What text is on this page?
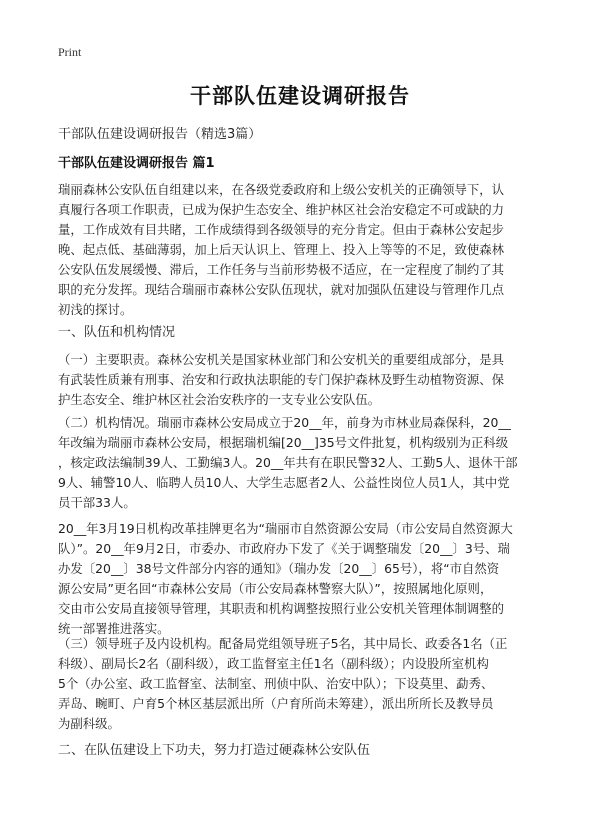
Print
干部队伍建设调研报告
干部队伍建设调研报告（精选3篇）
干部队伍建设调研报告 篇1

瑞丽森林公安队伍自组建以来，在各级党委政府和上级公安机关的正确领导下，认
真履行各项工作职责，已成为保护生态安全、维护林区社会治安稳定不可或缺的力
量，工作成效有目共睹，工作成绩得到各级领导的充分肯定。但由于森林公安起步
晚、起点低、基础薄弱，加上后天认识上、管理上、投入上等等的不足，致使森林
公安队伍发展缓慢、滞后，工作任务与当前形势极不适应，在一定程度了制约了其
职的充分发挥。现结合瑞丽市森林公安队伍现状，就对加强队伍建设与管理作几点
初浅的探讨。

一、队伍和机构情况

（一）主要职责。森林公安机关是国家林业部门和公安机关的重要组成部分，是具
有武装性质兼有刑事、治安和行政执法职能的专门保护森林及野生动植物资源、保
护生态安全、维护林区社会治安秩序的一支专业公安队伍。

（二）机构情况。瑞丽市森林公安局成立于20__年，前身为市林业局森保科，20__
年改编为瑞丽市森林公安局，根据瑞机编[20__]35号文件批复，机构级别为正科级
，核定政法编制39人、工勤编3人。20__年共有在职民警32人、工勤5人、退休干部
9人、辅警10人、临聘人员10人、大学生志愿者2人、公益性岗位人员1人，其中党
员干部33人。

20__年3月19日机构改革挂牌更名为“瑞丽市自然资源公安局（市公安局自然资源大
队）”。20__年9月2日，市委办、市政府办下发了《关于调整瑞发〔20__〕3号、瑞
办发〔20__〕38号文件部分内容的通知》（瑞办发〔20__〕65号），将“市自然资
源公安局”更名回“市森林公安局（市公安局森林警察大队）”，按照属地化原则，
交由市公安局直接领导管理，其职责和机构调整按照行业公安机关管理体制调整的
统一部署推进落实。

（三）领导班子及内设机构。配备局党组领导班子5名，其中局长、政委各1名（正
科级）、副局长2名（副科级），政工监督室主任1名（副科级）；内设股所室机构
5个（办公室、政工监督室、法制室、刑侦中队、治安中队）；下设莫里、勐秀、
弄岛、畹町、户育5个林区基层派出所（户育所尚未筹建），派出所所长及教导员
为副科级。

二、在队伍建设上下功夫，努力打造过硬森林公安队伍
